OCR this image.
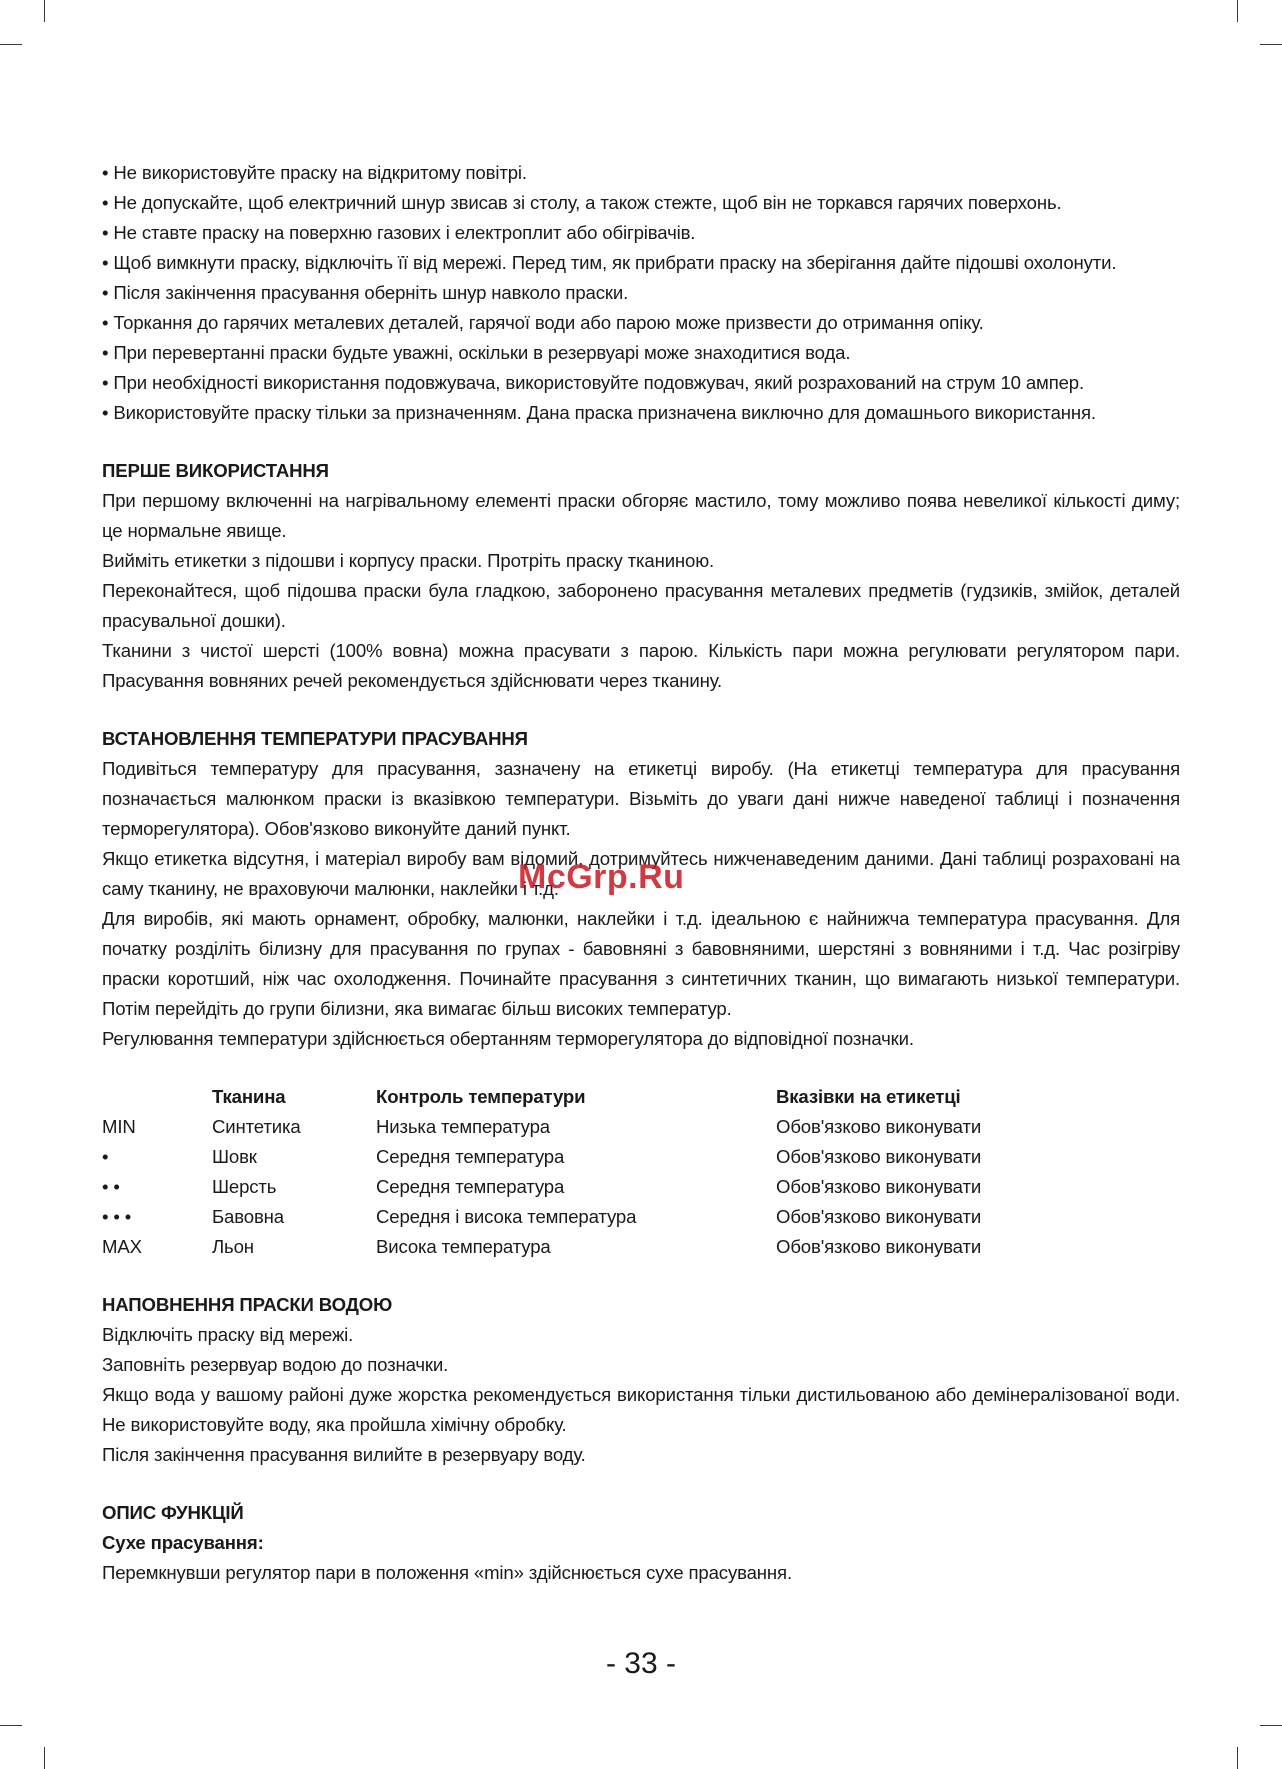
• Не використовуйте праску на відкритому повітрі.
• Не допускайте, щоб електричний шнур звисав зі столу, а також стежте, щоб він не торкався гарячих поверхонь.
• Не ставте праску на поверхню газових і електроплит або обігрівачів.
• Щоб вимкнути праску, відключіть її від мережі. Перед тим, як прибрати праску на зберігання дайте підошві охолонути.
• Після закінчення прасування оберніть шнур навколо праски.
• Торкання до гарячих металевих деталей, гарячої води або парою може призвести до отримання опіку.
• При перевертанні праски будьте уважні, оскільки в резервуарі може знаходитися вода.
• При необхідності використання подовжувача, використовуйте подовжувач, який розрахований на струм 10 ампер.
• Використовуйте праску тільки за призначенням. Дана праска призначена виключно для домашнього використання.
ПЕРШЕ ВИКОРИСТАННЯ

При першому включенні на нагрівальному елементі праски обгоряє мастило, тому можливо поява невеликої кількості диму; це нормальне явище.

Вийміть етикетки з підошви і корпусу праски. Протріть праску тканиною.

Переконайтеся, щоб підошва праски була гладкою, заборонено прасування металевих предметів (гудзиків, змійок, деталей прасувальної дошки).

Тканини з чистої шерсті (100% вовна) можна прасувати з парою. Кількість пари можна регулювати регулятором пари. Прасування вовняних речей рекомендується здійснювати через тканину.

ВСТАНОВЛЕННЯ ТЕМПЕРАТУРИ ПРАСУВАННЯ

Подивіться температуру для прасування, зазначену на етикетці виробу. (На етикетці температура для прасування позначається малюнком праски із вказівкою температури. Візьміть до уваги дані нижче наведеної таблиці і позначення терморегулятора). Обов'язково виконуйте даний пункт.

Якщо етикетка відсутня, і матеріал виробу вам відомий, дотримуйтесь нижченаведеним даними. Дані таблиці розраховані на саму тканину, не враховуючи малюнки, наклейки і т.д.

Для виробів, які мають орнамент, обробку, малюнки, наклейки і т.д. ідеальною є найнижча температура прасування. Для початку розділіть білизну для прасування по групах - бавовняні з бавовняними, шерстяні з вовняними і т.д. Час розігріву праски коротший, ніж час охолодження. Починайте прасування з синтетичних тканин, що вимагають низької температури. Потім перейдіть до групи білизни, яка вимагає більш високих температур.

Регулювання температури здійснюється обертанням терморегулятора до відповідної позначки.

	Тканина	Контроль температури	Вказівки на етикетці
MIN	Синтетика	Низька температура	Обов'язково виконувати
•	Шовк	Середня температура	Обов'язково виконувати
• •	Шерсть	Середня температура	Обов'язково виконувати
• • •	Бавовна	Середня і висока температура	Обов'язково виконувати
MAX	Льон	Висока температура	Обов'язково виконувати
НАПОВНЕННЯ ПРАСКИ ВОДОЮ

Відключіть праску від мережі.

Заповніть резервуар водою до позначки.

Якщо вода у вашому районі дуже жорстка рекомендується використання тільки дистильованою або демінералізованої води. Не використовуйте воду, яка пройшла хімічну обробку.

Після закінчення прасування вилийте в резервуару воду.

ОПИС ФУНКЦІЙ
Сухе прасування:

Перемкнувши регулятор пари в положення «min» здійснюється сухе прасування.

McGrp.Ru
- 33 -
